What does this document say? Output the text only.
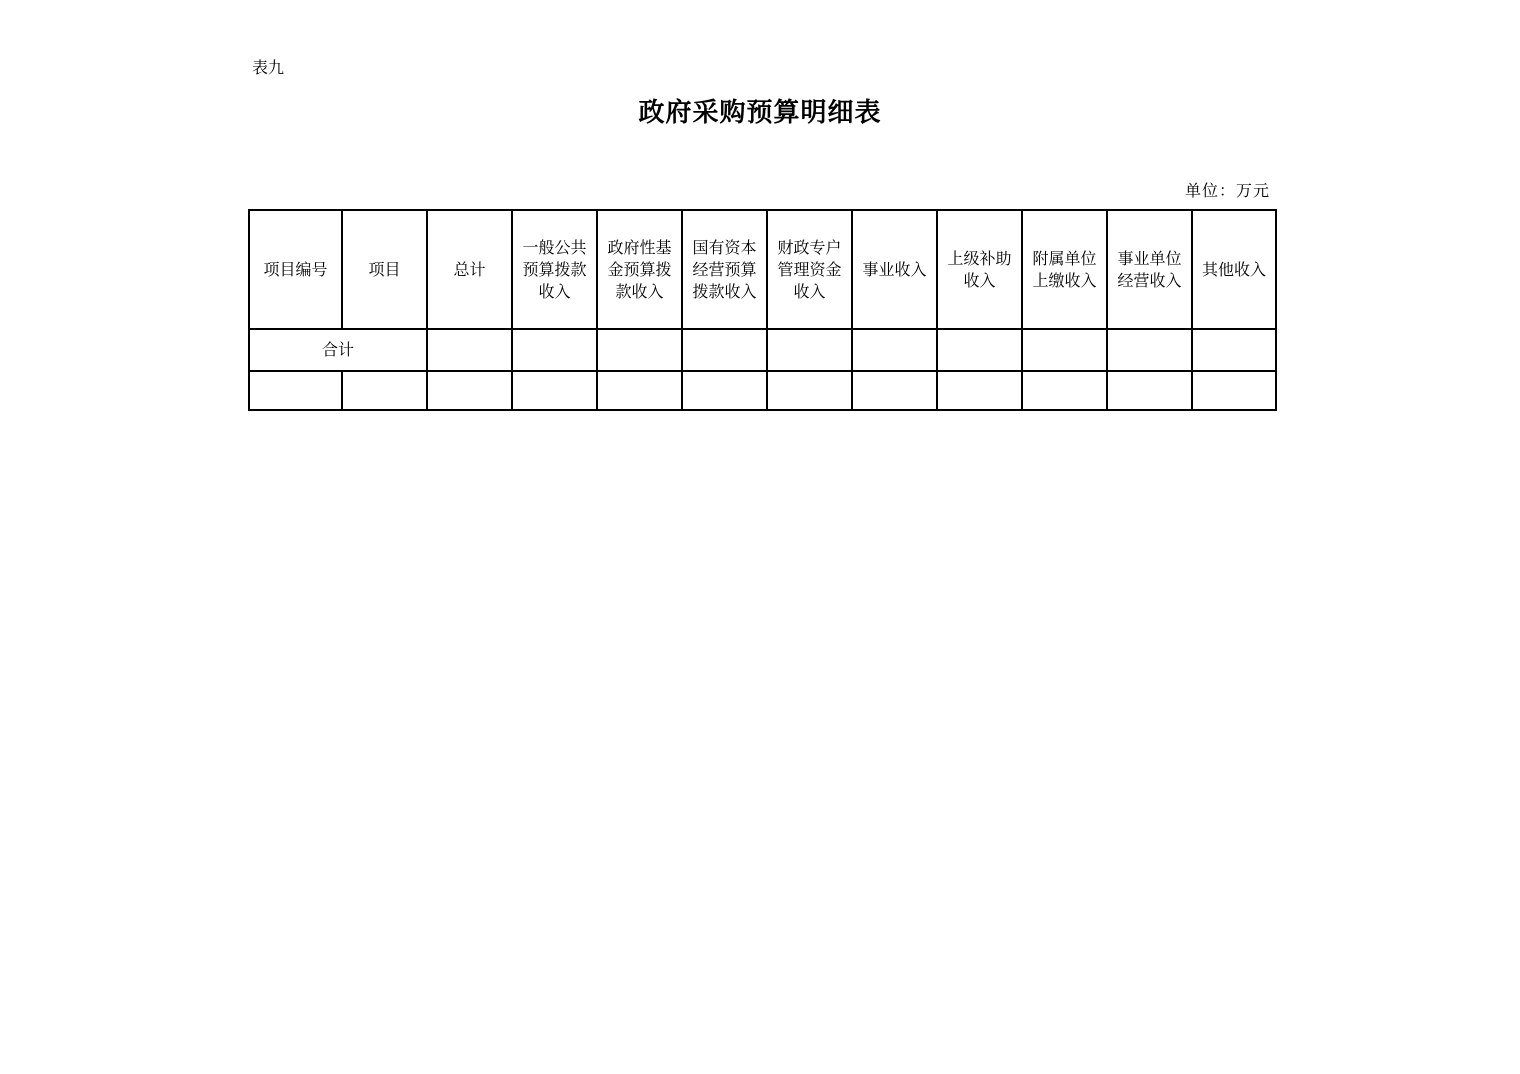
表九
政府采购预算明细表
单位：万元
项目编号	项目	总计	一般公共预算拨款收入	政府性基金预算拨款收入	国有资本经营预算拨款收入	财政专户管理资金收入	事业收入	上级补助收入	附属单位上缴收入	事业单位经营收入	其他收入
合计											
